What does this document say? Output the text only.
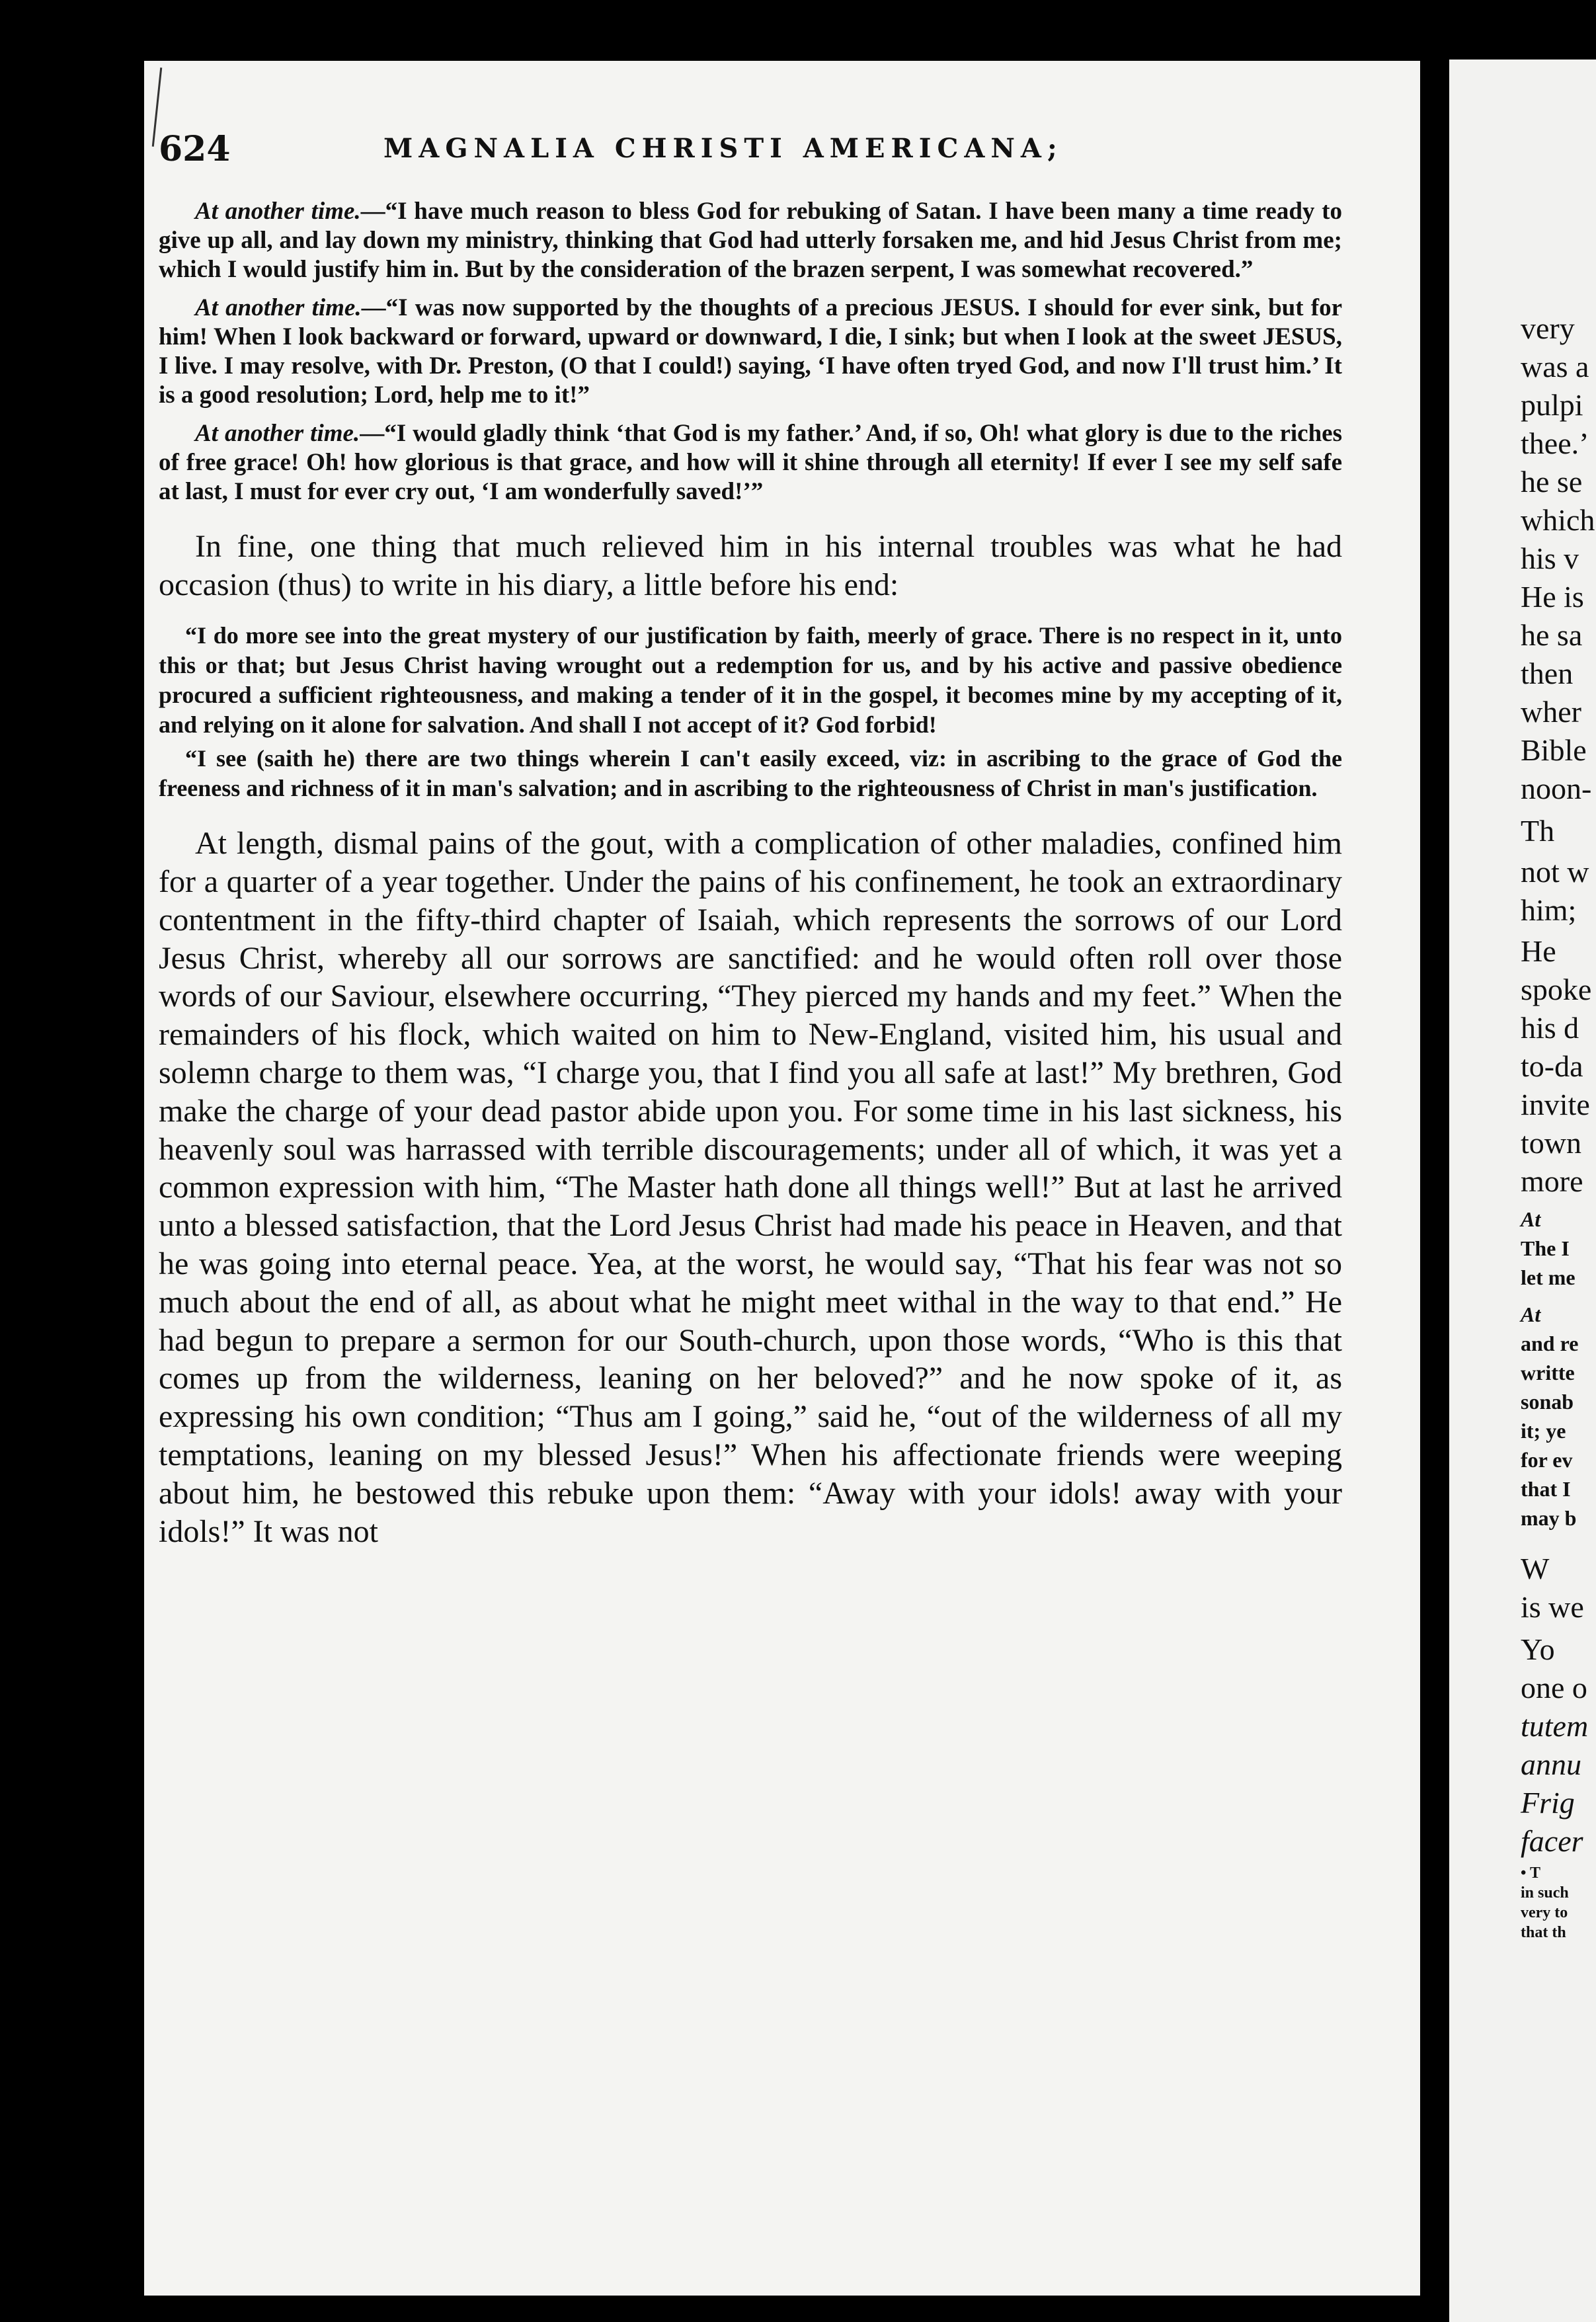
624	MAGNALIA CHRISTI AMERICANA;

At another time.—“I have much reason to bless God for rebuking of Satan. I have been many a time ready to give up all, and lay down my ministry, thinking that God had utterly forsaken me, and hid Jesus Christ from me; which I would justify him in. But by the consideration of the brazen serpent, I was somewhat recovered.”

At another time.—“I was now supported by the thoughts of a precious JESUS. I should for ever sink, but for him! When I look backward or forward, upward or downward, I die, I sink; but when I look at the sweet JESUS, I live. I may resolve, with Dr. Preston, (O that I could!) saying, ‘I have often tryed God, and now I'll trust him.’ It is a good resolution; Lord, help me to it!”

At another time.—“I would gladly think ‘that God is my father.’ And, if so, Oh! what glory is due to the riches of free grace! Oh! how glorious is that grace, and how will it shine through all eternity! If ever I see my self safe at last, I must for ever cry out, ‘I am wonderfully saved!’”

In fine, one thing that much relieved him in his internal troubles was what he had occasion (thus) to write in his diary, a little before his end:

“I do more see into the great mystery of our justification by faith, meerly of grace. There is no respect in it, unto this or that; but Jesus Christ having wrought out a redemption for us, and by his active and passive obedience procured a sufficient righteousness, and making a tender of it in the gospel, it becomes mine by my accepting of it, and relying on it alone for salvation. And shall I not accept of it? God forbid!

“I see (saith he) there are two things wherein I can't easily exceed, viz: in ascribing to the grace of God the freeness and richness of it in man's salvation; and in ascribing to the righteousness of Christ in man's justification.

At length, dismal pains of the gout, with a complication of other maladies, confined him for a quarter of a year together. Under the pains of his confinement, he took an extraordinary contentment in the fifty-third chapter of Isaiah, which represents the sorrows of our Lord Jesus Christ, whereby all our sorrows are sanctified: and he would often roll over those words of our Saviour, elsewhere occurring, “They pierced my hands and my feet.” When the remainders of his flock, which waited on him to New-England, visited him, his usual and solemn charge to them was, “I charge you, that I find you all safe at last!” My brethren, God make the charge of your dead pastor abide upon you. For some time in his last sickness, his heavenly soul was harrassed with terrible discouragements; under all of which, it was yet a common expression with him, “The Master hath done all things well!” But at last he arrived unto a blessed satisfaction, that the Lord Jesus Christ had made his peace in Heaven, and that he was going into eternal peace. Yea, at the worst, he would say, “That his fear was not so much about the end of all, as about what he might meet withal in the way to that end.” He had begun to prepare a sermon for our South-church, upon those words, “Who is this that comes up from the wilderness, leaning on her beloved?” and he now spoke of it, as expressing his own condition; “Thus am I going,” said he, “out of the wilderness of all my temptations, leaning on my blessed Jesus!” When his affectionate friends were weeping about him, he bestowed this rebuke upon them: “Away with your idols! away with your idols!” It was not

very
was a
pulpi
thee.’
he se
which
his v
He is
he sa
then
wher
Bible
noon-
Th
not w
him;
He
spoke
his d
to-da
invite
town
more
At
The I
let me
At
and re
writte
sonab
it; ye
for ev
that I
may b
W
is we
Yo
one o
tutem
annu
Frig
facer
• T
in such
very to
that th
